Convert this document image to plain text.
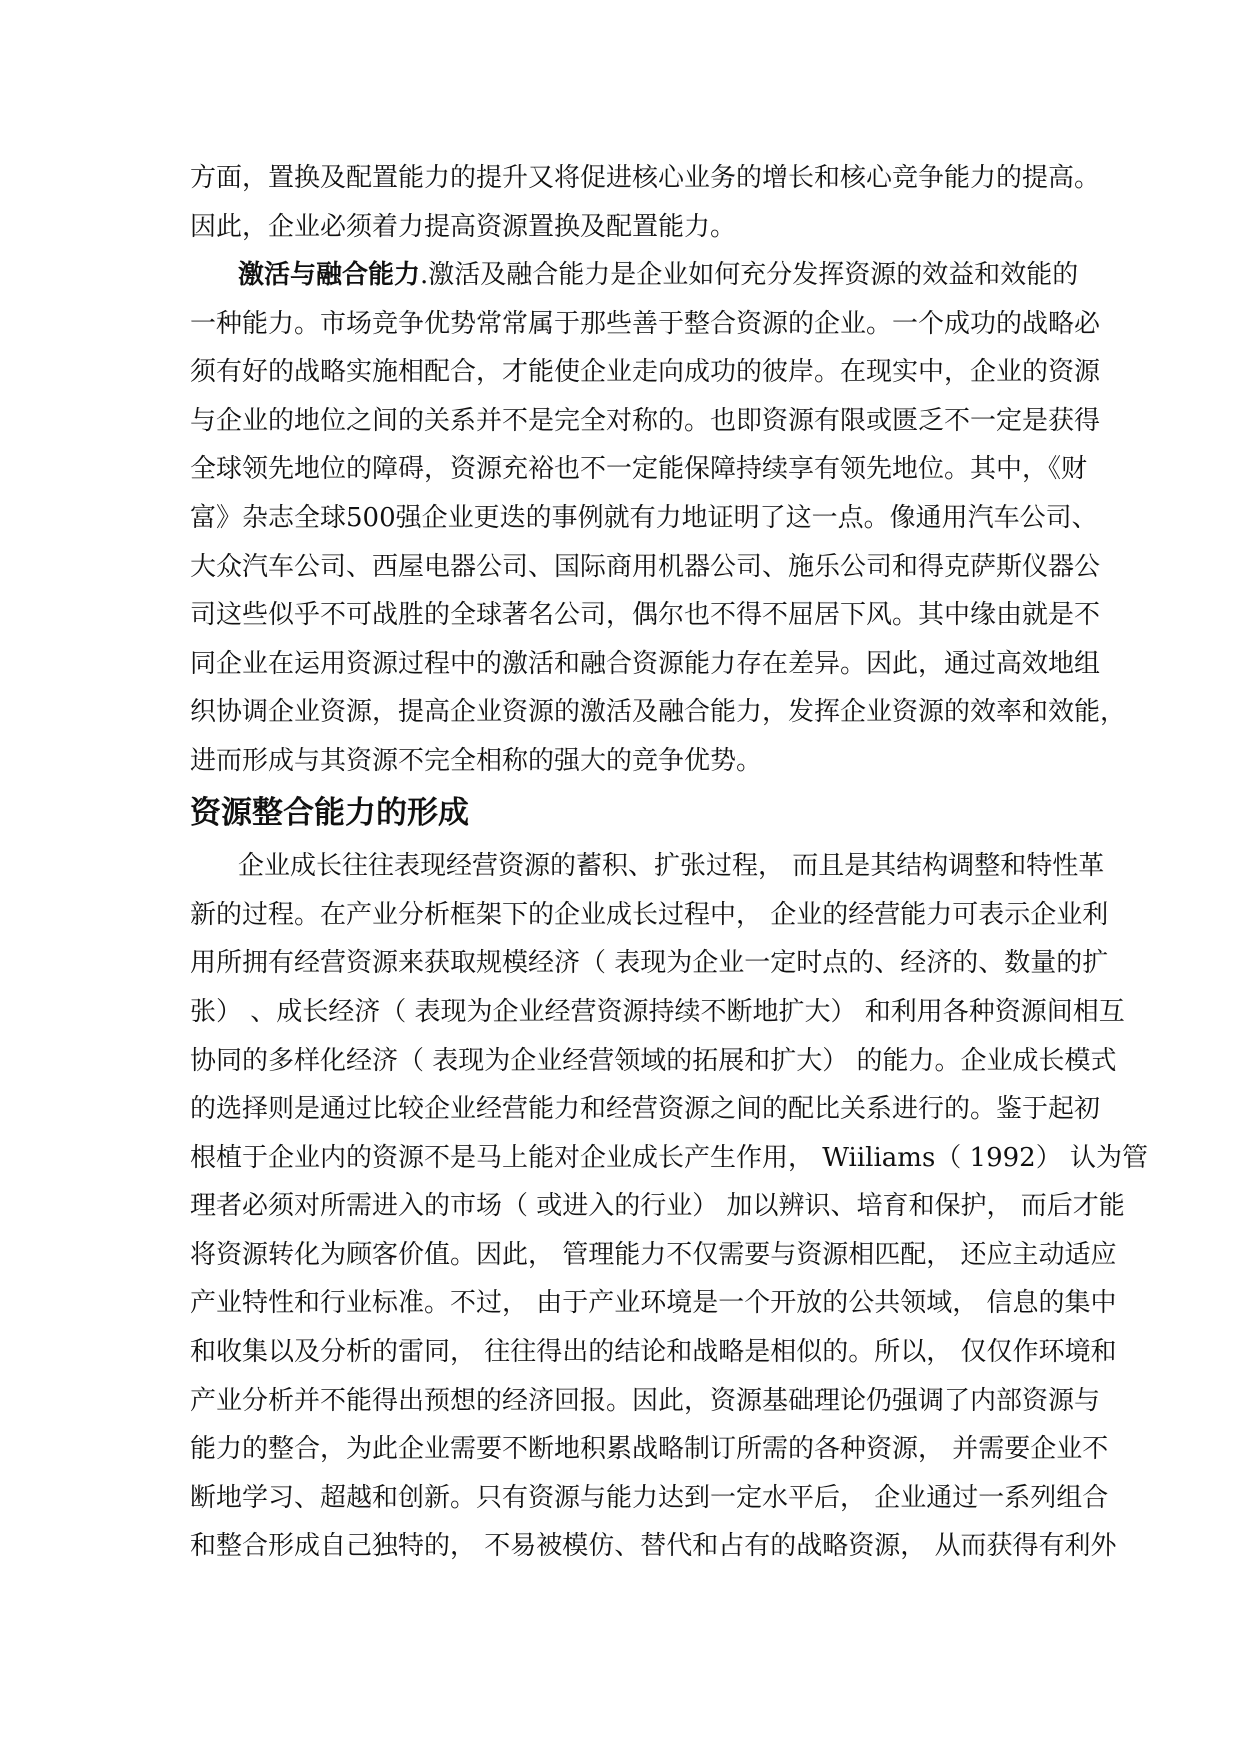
方面，置换及配置能力的提升又将促进核心业务的增长和核心竞争能力的提高。
因此，企业必须着力提高资源置换及配置能力。
激活与融合能力.激活及融合能力是企业如何充分发挥资源的效益和效能的
一种能力。市场竞争优势常常属于那些善于整合资源的企业。一个成功的战略必
须有好的战略实施相配合，才能使企业走向成功的彼岸。在现实中，企业的资源
与企业的地位之间的关系并不是完全对称的。也即资源有限或匮乏不一定是获得
全球领先地位的障碍，资源充裕也不一定能保障持续享有领先地位。其中，《财
富》杂志全球500强企业更迭的事例就有力地证明了这一点。像通用汽车公司、
大众汽车公司、西屋电器公司、国际商用机器公司、施乐公司和得克萨斯仪器公
司这些似乎不可战胜的全球著名公司，偶尔也不得不屈居下风。其中缘由就是不
同企业在运用资源过程中的激活和融合资源能力存在差异。因此，通过高效地组
织协调企业资源，提高企业资源的激活及融合能力，发挥企业资源的效率和效能，
进而形成与其资源不完全相称的强大的竞争优势。
资源整合能力的形成
企业成长往往表现经营资源的蓄积、扩张过程， 而且是其结构调整和特性革
新的过程。在产业分析框架下的企业成长过程中， 企业的经营能力可表示企业利
用所拥有经营资源来获取规模经济（ 表现为企业一定时点的、经济的、数量的扩
张） 、成长经济（ 表现为企业经营资源持续不断地扩大） 和利用各种资源间相互
协同的多样化经济（ 表现为企业经营领域的拓展和扩大） 的能力。企业成长模式
的选择则是通过比较企业经营能力和经营资源之间的配比关系进行的。鉴于起初
根植于企业内的资源不是马上能对企业成长产生作用， Wiiliams（ 1992） 认为管
理者必须对所需进入的市场（ 或进入的行业） 加以辨识、培育和保护， 而后才能
将资源转化为顾客价值。因此， 管理能力不仅需要与资源相匹配， 还应主动适应
产业特性和行业标准。不过， 由于产业环境是一个开放的公共领域， 信息的集中
和收集以及分析的雷同， 往往得出的结论和战略是相似的。所以， 仅仅作环境和
产业分析并不能得出预想的经济回报。因此，资源基础理论仍强调了内部资源与
能力的整合，为此企业需要不断地积累战略制订所需的各种资源， 并需要企业不
断地学习、超越和创新。只有资源与能力达到一定水平后， 企业通过一系列组合
和整合形成自己独特的， 不易被模仿、替代和占有的战略资源， 从而获得有利外
